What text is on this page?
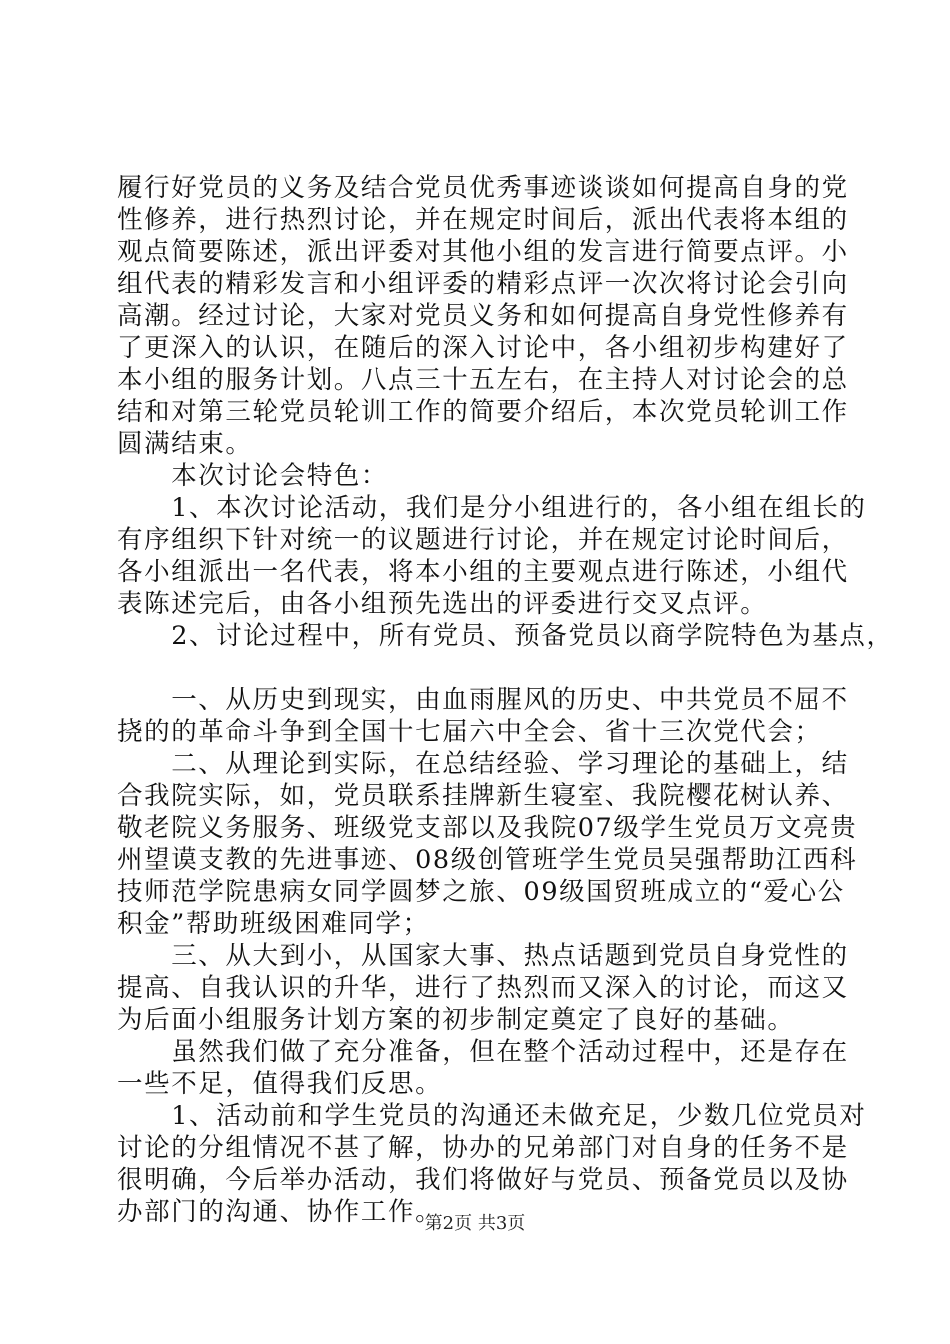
履行好党员的义务及结合党员优秀事迹谈谈如何提高自身的党
性修养，进行热烈讨论，并在规定时间后，派出代表将本组的
观点简要陈述，派出评委对其他小组的发言进行简要点评。小
组代表的精彩发言和小组评委的精彩点评一次次将讨论会引向
高潮。经过讨论，大家对党员义务和如何提高自身党性修养有
了更深入的认识，在随后的深入讨论中，各小组初步构建好了
本小组的服务计划。八点三十五左右，在主持人对讨论会的总
结和对第三轮党员轮训工作的简要介绍后，本次党员轮训工作
圆满结束。
　　本次讨论会特色：
　　1、本次讨论活动，我们是分小组进行的，各小组在组长的
有序组织下针对统一的议题进行讨论，并在规定讨论时间后，
各小组派出一名代表，将本小组的主要观点进行陈述，小组代
表陈述完后，由各小组预先选出的评委进行交叉点评。
　　2、讨论过程中，所有党员、预备党员以商学院特色为基点，
　　一、从历史到现实，由血雨腥风的历史、中共党员不屈不
挠的的革命斗争到全国十七届六中全会、省十三次党代会；
　　二、从理论到实际，在总结经验、学习理论的基础上，结
合我院实际，如，党员联系挂牌新生寝室、我院樱花树认养、
敬老院义务服务、班级党支部以及我院07级学生党员万文亮贵
州望谟支教的先进事迹、08级创管班学生党员吴强帮助江西科
技师范学院患病女同学圆梦之旅、09级国贸班成立的“爱心公
积金”帮助班级困难同学；
　　三、从大到小，从国家大事、热点话题到党员自身党性的
提高、自我认识的升华，进行了热烈而又深入的讨论，而这又
为后面小组服务计划方案的初步制定奠定了良好的基础。
　　虽然我们做了充分准备，但在整个活动过程中，还是存在
一些不足，值得我们反思。
　　1、活动前和学生党员的沟通还未做充足，少数几位党员对
讨论的分组情况不甚了解，协办的兄弟部门对自身的任务不是
很明确，今后举办活动，我们将做好与党员、预备党员以及协
办部门的沟通、协作工作。
第2页 共3页
